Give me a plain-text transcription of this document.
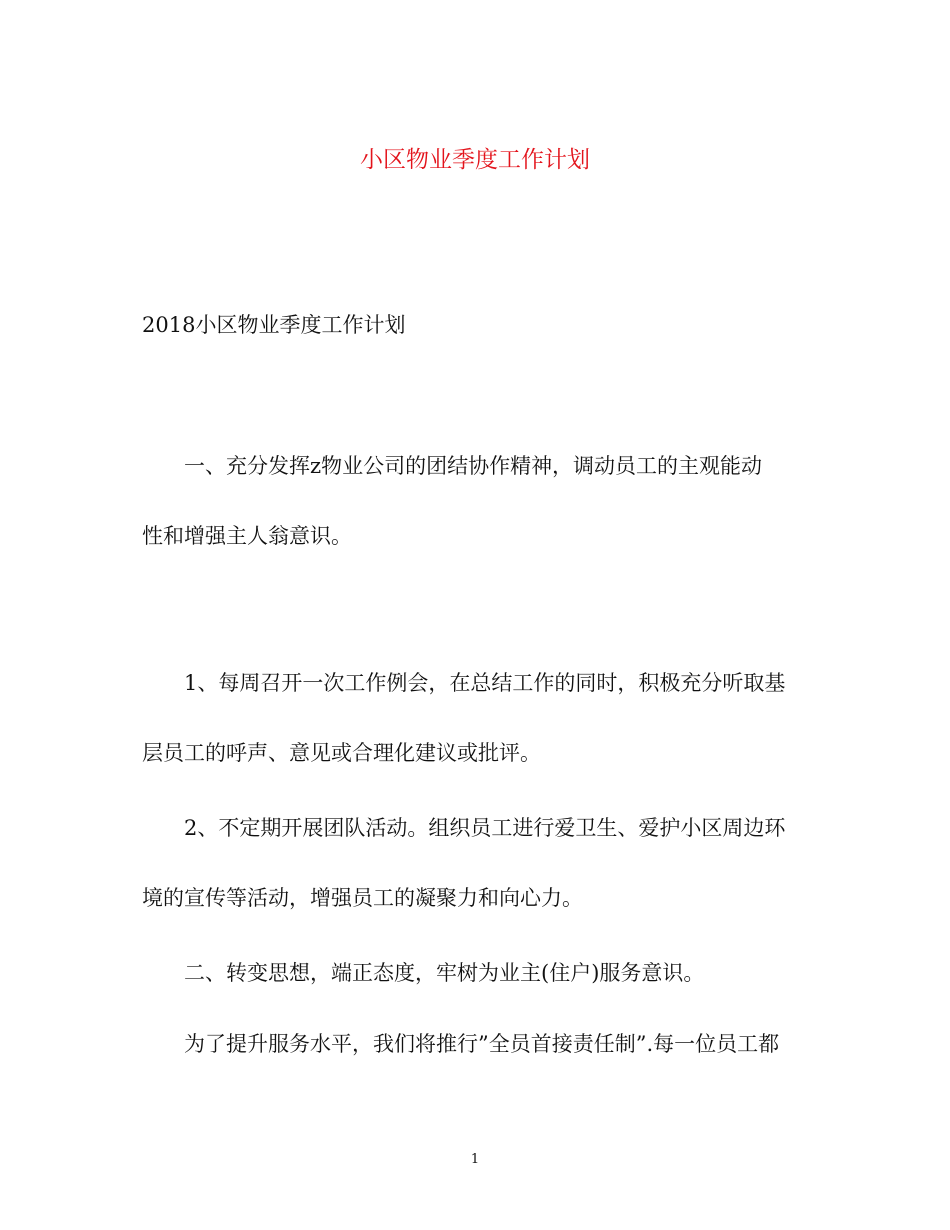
小区物业季度工作计划
2018小区物业季度工作计划
一、充分发挥z物业公司的团结协作精神，调动员工的主观能动
性和增强主人翁意识。
1、每周召开一次工作例会，在总结工作的同时，积极充分听取基
层员工的呼声、意见或合理化建议或批评。
2、不定期开展团队活动。组织员工进行爱卫生、爱护小区周边环
境的宣传等活动，增强员工的凝聚力和向心力。
二、转变思想，端正态度，牢树为业主(住户)服务意识。
为了提升服务水平，我们将推行”全员首接责任制”.每一位员工都
1
